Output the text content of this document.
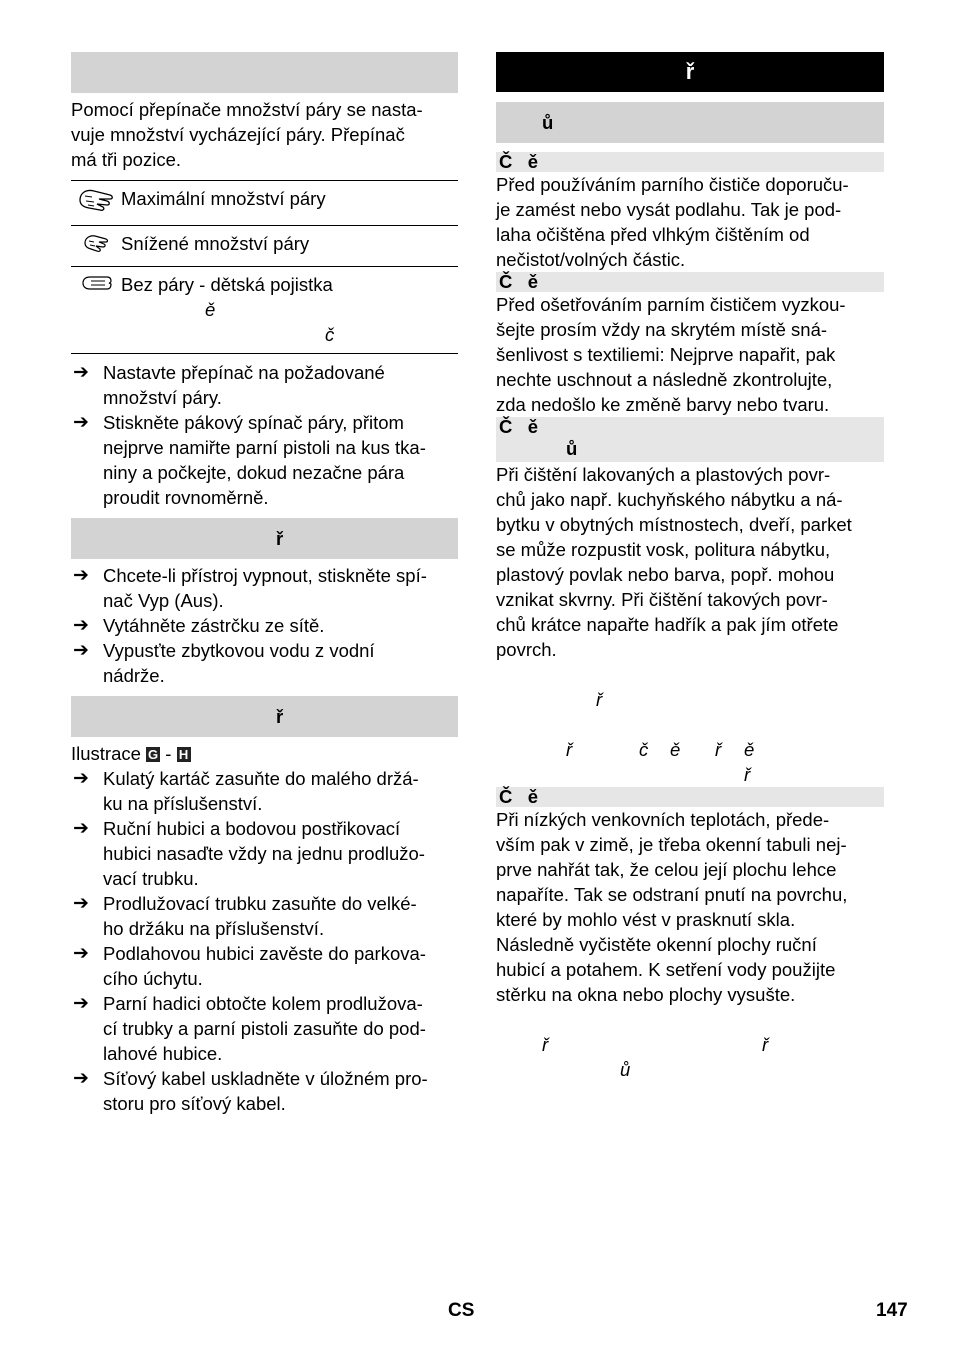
Pomocí přepínače množství páry se nasta-

vuje množství vycházející páry. Přepínač

má tři pozice.

	Maximální množství páry
	Snížené množství páry

Bez páry - dětská pojistka
ě
č
➔ Nastavte přepínač na požadované
množství páry.
➔ Stiskněte pákový spínač páry, přitom
nejprve namiřte parní pistoli na kus tka-
niny a počkejte, dokud nezačne pára
proudit rovnoměrně.
ř
➔ Chcete-li přístroj vypnout, stiskněte spí-
nač Vyp (Aus).
➔ Vytáhněte zástrčku ze sítě.
➔ Vypusťte zbytkovou vodu z vodní
nádrže.
ř

Ilustrace G - H

➔ Kulatý kartáč zasuňte do malého držá-
ku na příslušenství.
➔ Ruční hubici a bodovou postřikovací
hubici nasaďte vždy na jednu prodlužo-
vací trubku.
➔ Prodlužovací trubku zasuňte do velké-
ho držáku na příslušenství.
➔ Podlahovou hubici zavěste do parkova-
cího úchytu.
➔ Parní hadici obtočte kolem prodlužova-
cí trubky a parní pistoli zasuňte do pod-
lahové hubice.
➔ Síťový kabel uskladněte v úložném pro-
storu pro síťový kabel.
ř
ů
Č   ě

Před používáním parního čističe doporuču-

je zamést nebo vysát podlahu. Tak je pod-

laha očištěna před vlhkým čištěním od

nečistot/volných částic.

Č   ě

Před ošetřováním parním čističem vyzkou-

šejte prosím vždy na skrytém místě sná-

šenlivost s textiliemi: Nejprve napařit, pak

nechte uschnout a následně zkontrolujte,

zda nedošlo ke změně barvy nebo tvaru.

Č   ě
ů

Při čištění lakovaných a plastových povr-

chů jako např. kuchyňského nábytku a ná-

bytku v obytných místnostech, dveří, parket

se může rozpustit vosk, politura nábytku,

plastový povlak nebo barva, popř. mohou

vznikat skvrny. Při čištění takových povr-

chů krátce napařte hadřík a pak jím otřete

povrch.

ř
ř	č ě ř ě
ř
Č   ě

Při nízkých venkovních teplotách, přede-

vším pak v zimě, je třeba okenní tabuli nej-

prve nahřát tak, že celou její plochu lehce

napaříte. Tak se odstraní pnutí na povrchu,

které by mohlo vést v prasknutí skla.

Následně vyčistěte okenní plochy ruční

hubicí a potahem. K setření vody použijte

stěrku na okna nebo plochy vysušte.

ř	ř
ů
CS	147
